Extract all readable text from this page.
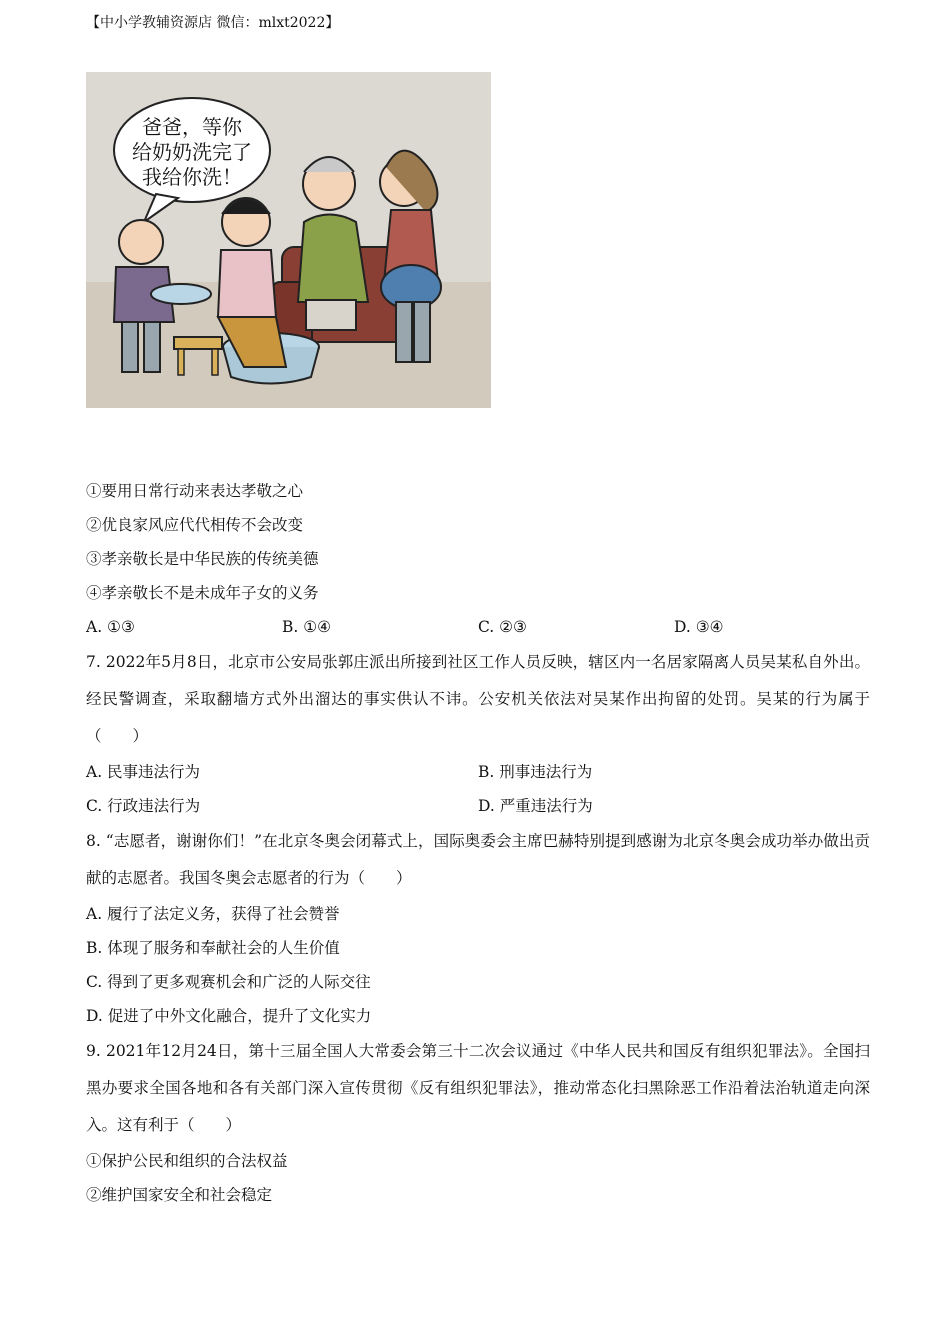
【中小学教辅资源店 微信：mlxt2022】
爸爸，等你
给奶奶洗完了
我给你洗！
①要用日常行动来表达孝敬之心
②优良家风应代代相传不会改变
③孝亲敬长是中华民族的传统美德
④孝亲敬长不是未成年子女的义务
A. ①③	B. ①④	C. ②③	D. ③④
7. 2022年5月8日，北京市公安局张郭庄派出所接到社区工作人员反映，辖区内一名居家隔离人员吴某私自外出。经民警调查，采取翻墙方式外出溜达的事实供认不讳。公安机关依法对吴某作出拘留的处罚。吴某的行为属于（　　）
A. 民事违法行为	B. 刑事违法行为
C. 行政违法行为	D. 严重违法行为
8. “志愿者，谢谢你们！”在北京冬奥会闭幕式上，国际奥委会主席巴赫特别提到感谢为北京冬奥会成功举办做出贡献的志愿者。我国冬奥会志愿者的行为（　　）
A. 履行了法定义务，获得了社会赞誉
B. 体现了服务和奉献社会的人生价值
C. 得到了更多观赛机会和广泛的人际交往
D. 促进了中外文化融合，提升了文化实力
9. 2021年12月24日，第十三届全国人大常委会第三十二次会议通过《中华人民共和国反有组织犯罪法》。全国扫黑办要求全国各地和各有关部门深入宣传贯彻《反有组织犯罪法》，推动常态化扫黑除恶工作沿着法治轨道走向深入。这有利于（　　）
①保护公民和组织的合法权益
②维护国家安全和社会稳定
